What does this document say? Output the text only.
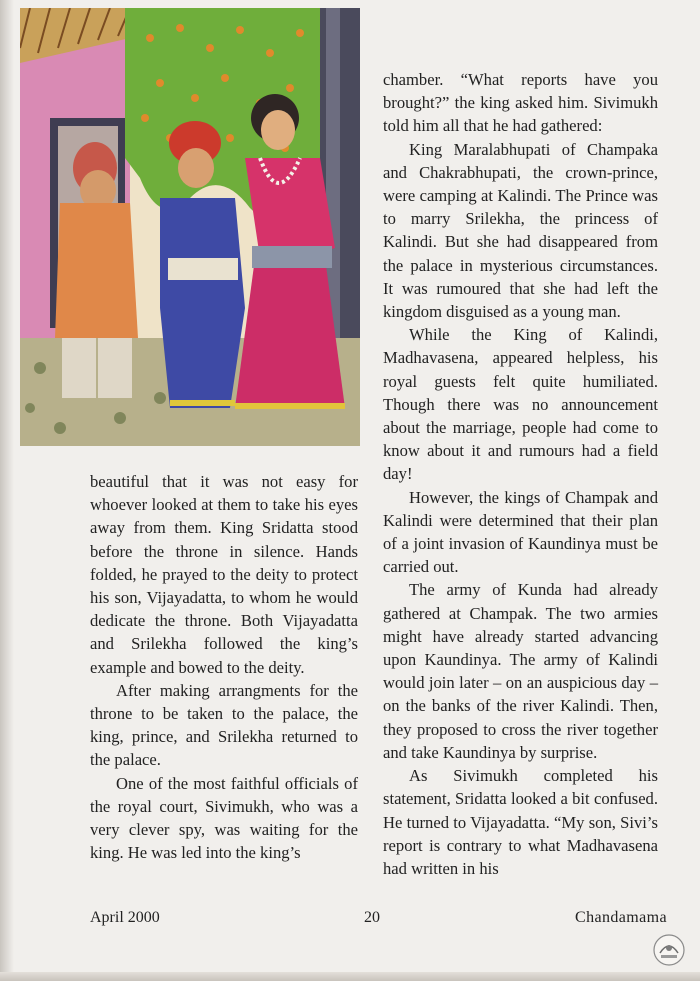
beautiful that it was not easy for whoever looked at them to take his eyes away from them. King Sridatta stood before the throne in silence. Hands folded, he prayed to the deity to protect his son, Vijayadatta, to whom he would dedicate the throne. Both Vijayadatta and Srilekha followed the king’s example and bowed to the deity.

After making arrangments for the throne to be taken to the palace, the king, prince, and Srilekha returned to the palace.

One of the most faithful officials of the royal court, Sivimukh, who was a very clever spy, was waiting for the king. He was led into the king’s

chamber. “What reports have you brought?” the king asked him. Sivimukh told him all that he had gathered:

King Maralabhupati of Champaka and Chakrabhupati, the crown-prince, were camping at Kalindi. The Prince was to marry Srilekha, the princess of Kalindi. But she had disappeared from the palace in mysterious circumstances. It was rumoured that she had left the kingdom disguised as a young man.

While the King of Kalindi, Madhavasena, appeared helpless, his royal guests felt quite humiliated. Though there was no announcement about the marriage, people had come to know about it and rumours had a field day!

However, the kings of Champak and Kalindi were determined that their plan of a joint invasion of Kaundinya must be carried out.

The army of Kunda had already gathered at Champak. The two armies might have already started advancing upon Kaundinya. The army of Kalindi would join later – on an auspicious day – on the banks of the river Kalindi. Then, they proposed to cross the river together and take Kaundinya by surprise.

As Sivimukh completed his statement, Sridatta looked a bit confused. He turned to Vijayadatta. “My son, Sivi’s report is contrary to what Madhavasena had written in his

April 2000	20	Chandamama
